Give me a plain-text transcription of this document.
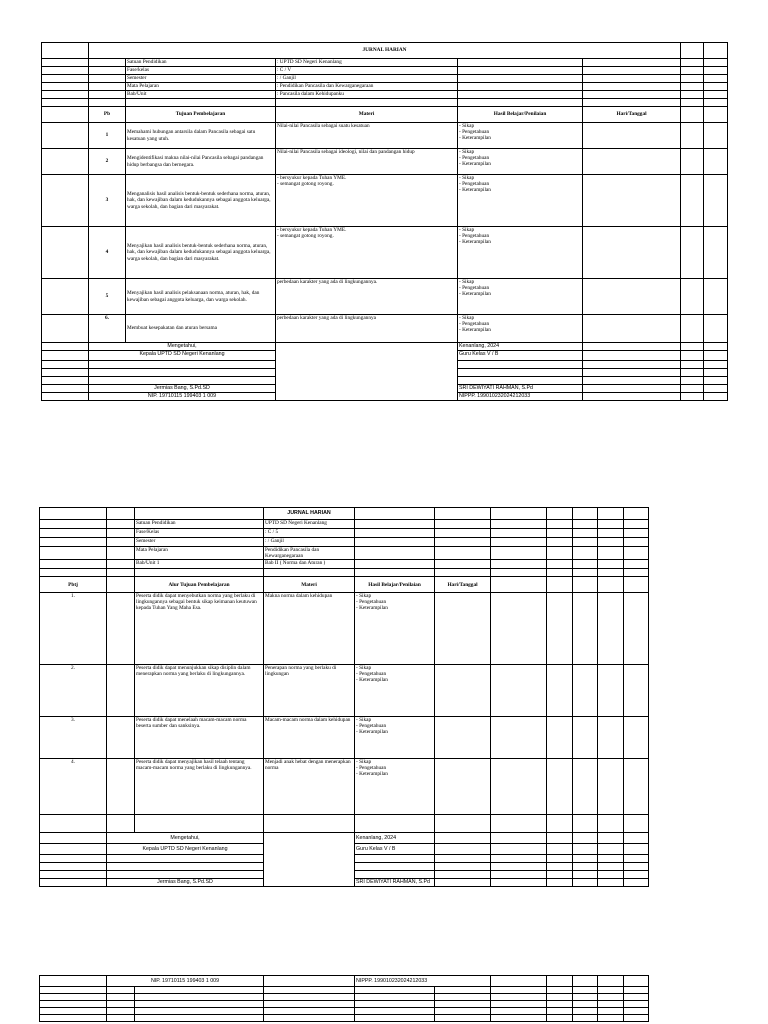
	JURNAL HARIAN						
		Satuan Pendidikan	: UPTD SD Negeri Kenanlang				
		Fase/kelas	: C / V				
		Semester	: / Ganjil				
		Mata Pelajaran	: Pendidikan Pancasila dan Kewarganegaraan				
		Bab/Unit	: Pancasila dalam Kehidupanku				

	Pb	Tujuan Pembelajaran	Materi	Hasil Belajar/Penilaian	Hari/Tanggal		
	1	Memahami hubungan antarsila dalam Pancasila sebagai satu kesatuan yang utuh.	Nilai-nilai Pancasila sebagai suatu kesatuan	- Sikap
- Pengetahuan
- Keterampilan			
	2	Mengidentifikasi makna nilai-nilai Pancasila sebagai pandangan hidup berbangsa dan bernegara.	Nilai-nilai Pancasila sebagai ideologi, nilai dan pandangan hidup	- Sikap
- Pengetahuan
- Keterampilan			
	3	Menganalisis hasil analisis bentuk-bentuk sederhana norma, aturan, hak, dan kewajiban dalam kedudukannya sebagai anggota keluarga, warga sekolah, dan bagian dari masyarakat.	- bersyukur kepada Tuhan YME.
- semangat gotong royong.	- Sikap
- Pengetahuan
- Keterampilan			
	4	Menyajikan hasil analisis bentuk-bentuk sederhana norma, aturan, hak, dan kewajiban dalam kedudukannya sebagai anggota keluarga, warga sekolah, dan bagian dari masyarakat.	- bersyukur kepada Tuhan YME.
- semangat gotong royong.	- Sikap
- Pengetahuan
- Keterampilan			
	5	Menyajikan hasil analisis pelaksanaan norma, aturan, hak, dan kewajiban sebagai anggota keluarga, dan warga sekolah.	perbedaan karakter yang ada di lingkungannya.	- Sikap
- Pengetahuan
- Keterampilan			
	6.	Membuat kesepakatan dan aturan bersama	perbedaan karakter yang ada di lingkungannya	- Sikap
- Pengetahuan
- Keterampilan			
	Mengetahui,			Kenanlang, 2024			
	Kepala UPTD SD Negeri Kenanlang			Guru Kelas V / B			

	Jermias Bang, S.Pd.SD			SRI DEWIYATI RAHMAN, S.Pd			
	NIP. 19710115 199403 1 009			NIPPP. 199010232024212033			
			JURNAL HARIAN							
		Satuan Pendidikan	UPTD SD Negeri Kenanlang							
		Fase/Kelas	: C / 5							
		Semester	: / Ganjil							
		Mata Pelajaran	Pendidikan Pancasila dan Kewarganegaraan							
		Bab/Unit 1	Bab II ( Norma dan Aturan )							

Pbtj		Alur Tujuan Pembelajaran	Materi	Hasil Belajar/Penilaian	Hari/Tanggal					
1.		Peserta didik dapat menyebutkan norma yang berlaku di lingkungannya sebagai bentuk sikap keimanan keutuwan kepada Tuhan Yang Maha Esa.	Makna norma dalam kehidupan	- Sikap
- Pengetahuan
- Keterampilan						
2.		Peserta didik dapat menunjukkan sikap disiplin dalam menerapkan norma yang berlaku di lingkungannya.	Penerapan norma yang berlaku di lingkungan	- Sikap
- Pengetahuan
- Keterampilan						
3.		Peserta didik dapat menelaah macam-macam norma beserta sumber dan sanksinya.	Macam-macam norma dalam kehidupan	- Sikap
- Pengetahuan
- Keterampilan						
4.		Peserta didik dapat menyajikan hasil telaah tentang macam-macam norma yang berlaku di lingkungannya.	Menjadi anak hebat dengan menerapkan norma	- Sikap
- Pengetahuan
- Keterampilan						

	Mengetahui,			Kenanlang, 2024						
	Kepala UPTD SD Negeri Kenanlang			Guru Kelas V / B						

	Jermias Bang, S.Pd.SD			SRI DEWIYATI RAHMAN, S.Pd						
	NIP. 19710115 199403 1 009			NIPPP. 199010232024212033						
